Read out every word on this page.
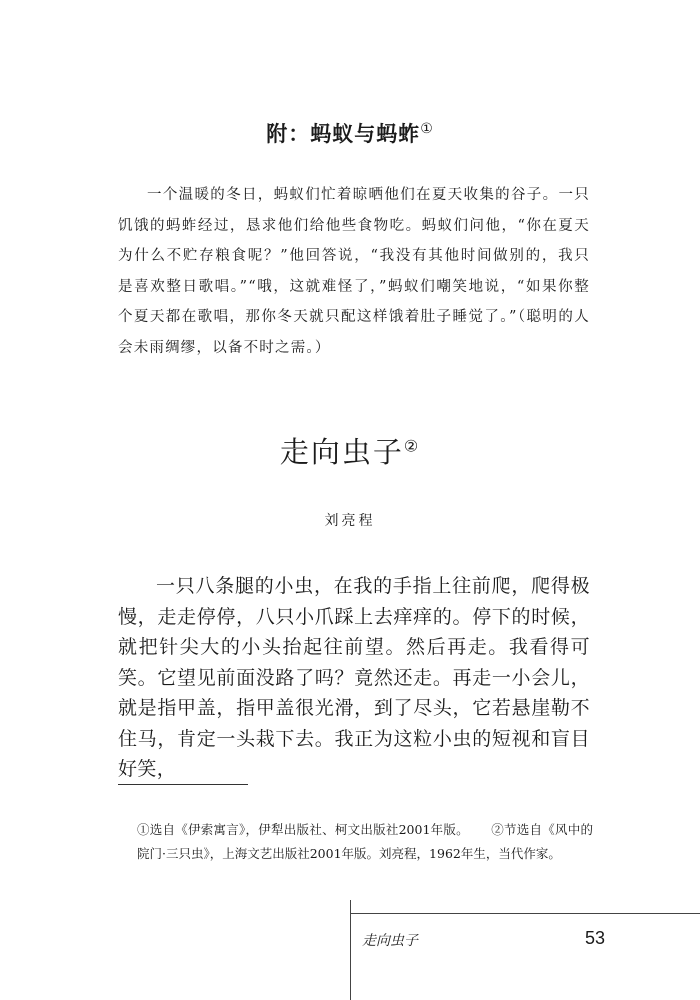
附：蚂蚁与蚂蚱①
一个温暖的冬日，蚂蚁们忙着晾晒他们在夏天收集的谷子。一只饥饿的蚂蚱经过，恳求他们给他些食物吃。蚂蚁们问他，“你在夏天为什么不贮存粮食呢？”他回答说，“我没有其他时间做别的，我只是喜欢整日歌唱。”“哦，这就难怪了，”蚂蚁们嘲笑地说，“如果你整个夏天都在歌唱，那你冬天就只配这样饿着肚子睡觉了。”（聪明的人会未雨绸缪，以备不时之需。）
走向虫子②
刘亮程
一只八条腿的小虫，在我的手指上往前爬，爬得极慢，走走停停，八只小爪踩上去痒痒的。停下的时候，就把针尖大的小头抬起往前望。然后再走。我看得可笑。它望见前面没路了吗？竟然还走。再走一小会儿，就是指甲盖，指甲盖很光滑，到了尽头，它若悬崖勒不住马，肯定一头栽下去。我正为这粒小虫的短视和盲目好笑，
①选自《伊索寓言》，伊犁出版社、柯文出版社2001年版。 ②节选自《风中的院门·三只虫》，上海文艺出版社2001年版。刘亮程，1962年生，当代作家。
走向虫子	53
